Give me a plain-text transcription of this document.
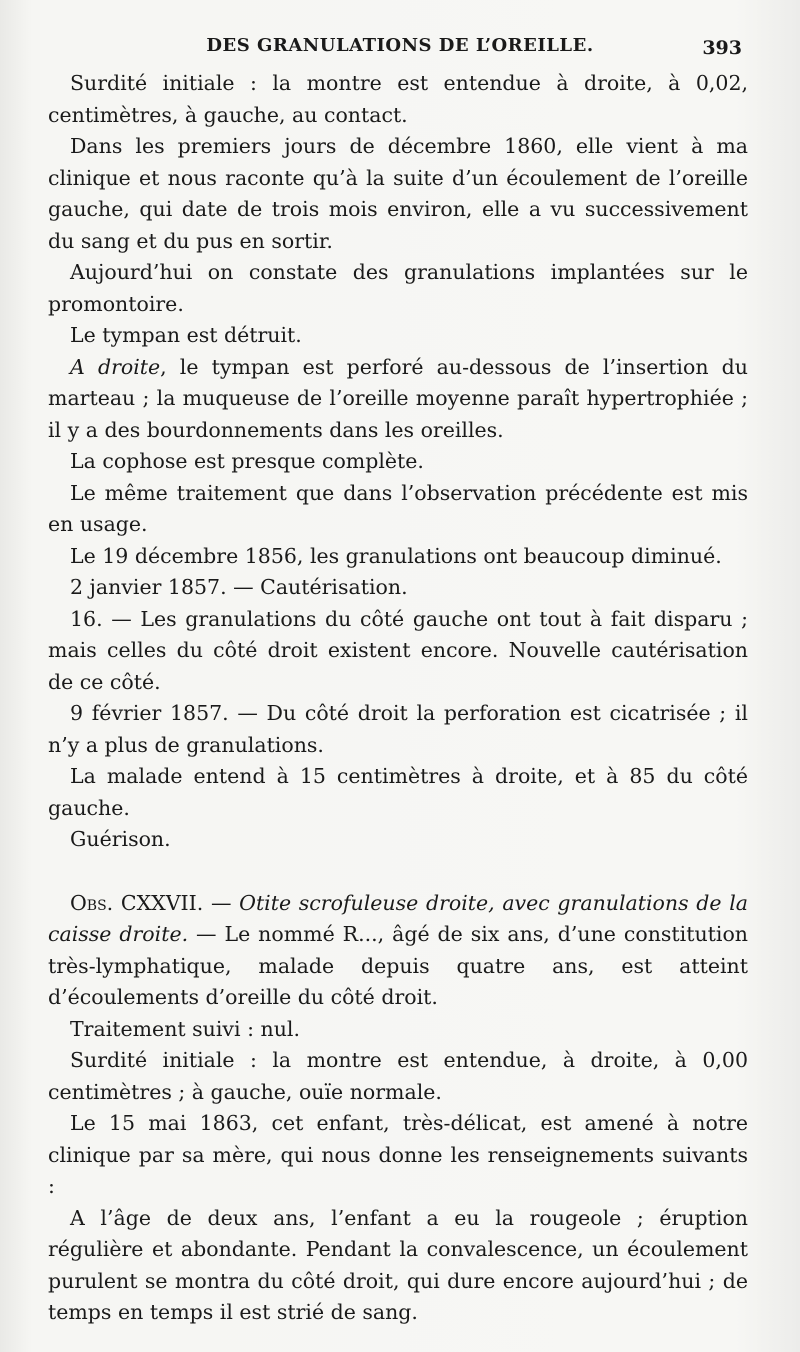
DES GRANULATIONS DE L’OREILLE.	393

Surdité initiale : la montre est entendue à droite, à 0,02, centimètres, à gauche, au contact.

Dans les premiers jours de décembre 1860, elle vient à ma clinique et nous raconte qu’à la suite d’un écoulement de l’oreille gauche, qui date de trois mois environ, elle a vu successivement du sang et du pus en sortir.

Aujourd’hui on constate des granulations implantées sur le promontoire.

Le tympan est détruit.

A droite, le tympan est perforé au-dessous de l’insertion du marteau ; la muqueuse de l’oreille moyenne paraît hypertrophiée ; il y a des bourdonnements dans les oreilles.

La cophose est presque complète.

Le même traitement que dans l’observation précédente est mis en usage.

Le 19 décembre 1856, les granulations ont beaucoup diminué.

2 janvier 1857. — Cautérisation.

16. — Les granulations du côté gauche ont tout à fait disparu ; mais celles du côté droit existent encore. Nouvelle cautérisation de ce côté.

9 février 1857. — Du côté droit la perforation est cicatrisée ; il n’y a plus de granulations.

La malade entend à 15 centimètres à droite, et à 85 du côté gauche.

Guérison.

Obs. CXXVII. — Otite scrofuleuse droite, avec granulations de la caisse droite. — Le nommé R..., âgé de six ans, d’une constitution très-lymphatique, malade depuis quatre ans, est atteint d’écoulements d’oreille du côté droit.

Traitement suivi : nul.

Surdité initiale : la montre est entendue, à droite, à 0,00 centimètres ; à gauche, ouïe normale.

Le 15 mai 1863, cet enfant, très-délicat, est amené à notre clinique par sa mère, qui nous donne les renseignements suivants :

A l’âge de deux ans, l’enfant a eu la rougeole ; éruption régulière et abondante. Pendant la convalescence, un écoulement purulent se montra du côté droit, qui dure encore aujourd’hui ; de temps en temps il est strié de sang.
